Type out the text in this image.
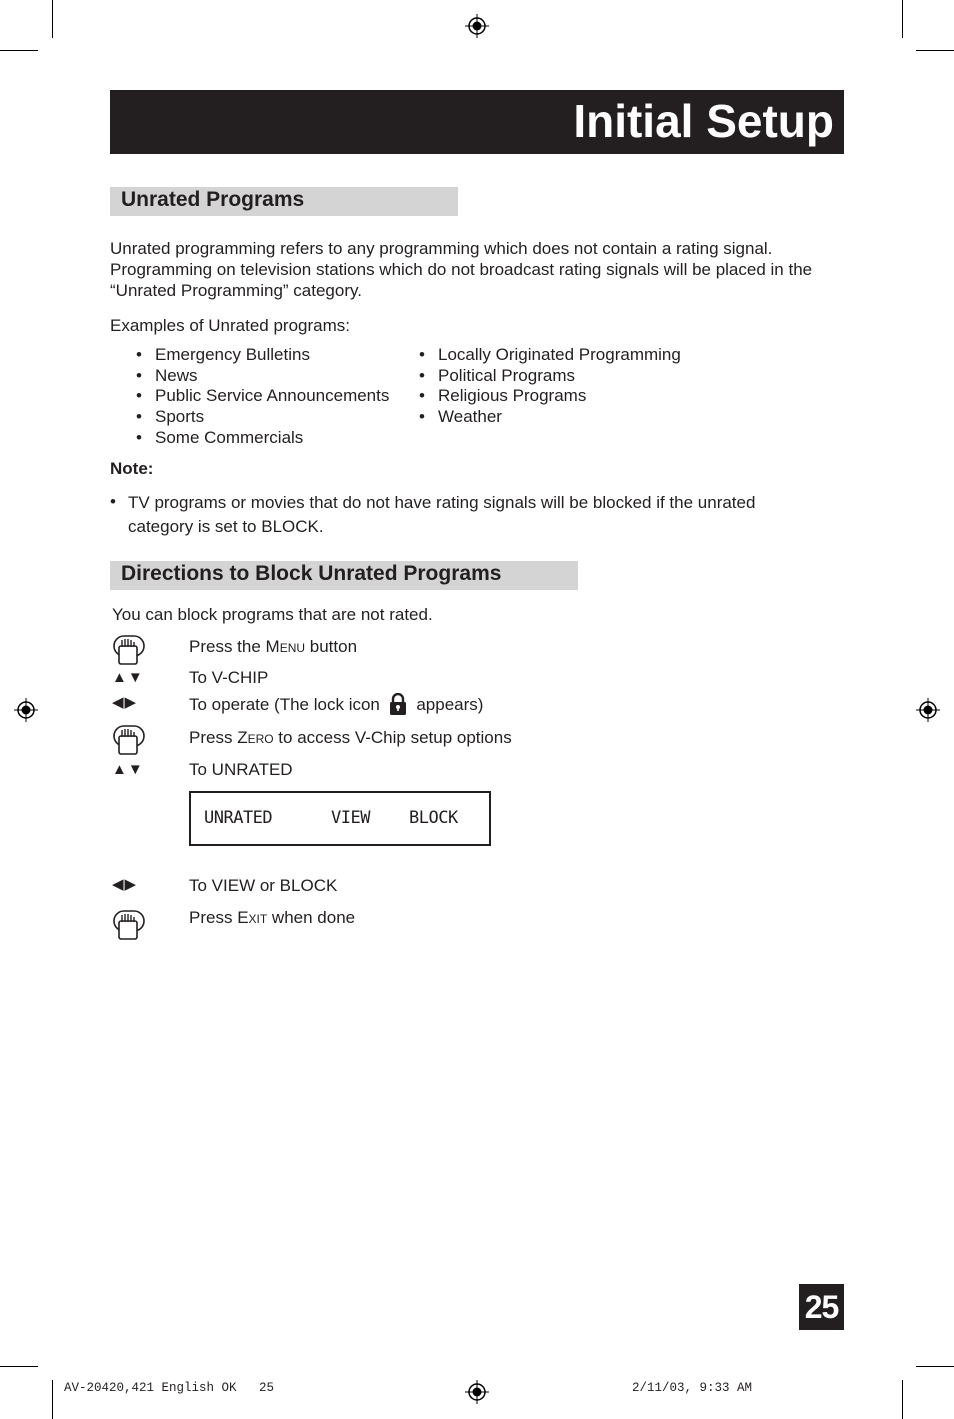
Initial Setup
Unrated Programs
Unrated programming refers to any programming which does not contain a rating signal.
Programming on television stations which do not broadcast rating signals will be placed in the
“Unrated Programming” category.
Examples of Unrated programs:
• Emergency Bulletins
• News
• Public Service Announcements
• Sports
• Some Commercials
• Locally Originated Programming
• Political Programs
• Religious Programs
• Weather
Note:
• TV programs or movies that do not have rating signals will be blocked if the unrated
category is set to BLOCK.
Directions to Block Unrated Programs
You can block programs that are not rated.
▲▼
◀▶
▲▼
◀▶
Press the Menu button
To V-CHIP
To operate (The lock icon  appears)
Press Zero to access V-Chip setup options
To UNRATED
UNRATED	VIEW BLOCK
To VIEW or BLOCK
Press Exit when done
25
AV-20420,421 English OK   25	2/11/03, 9:33 AM
